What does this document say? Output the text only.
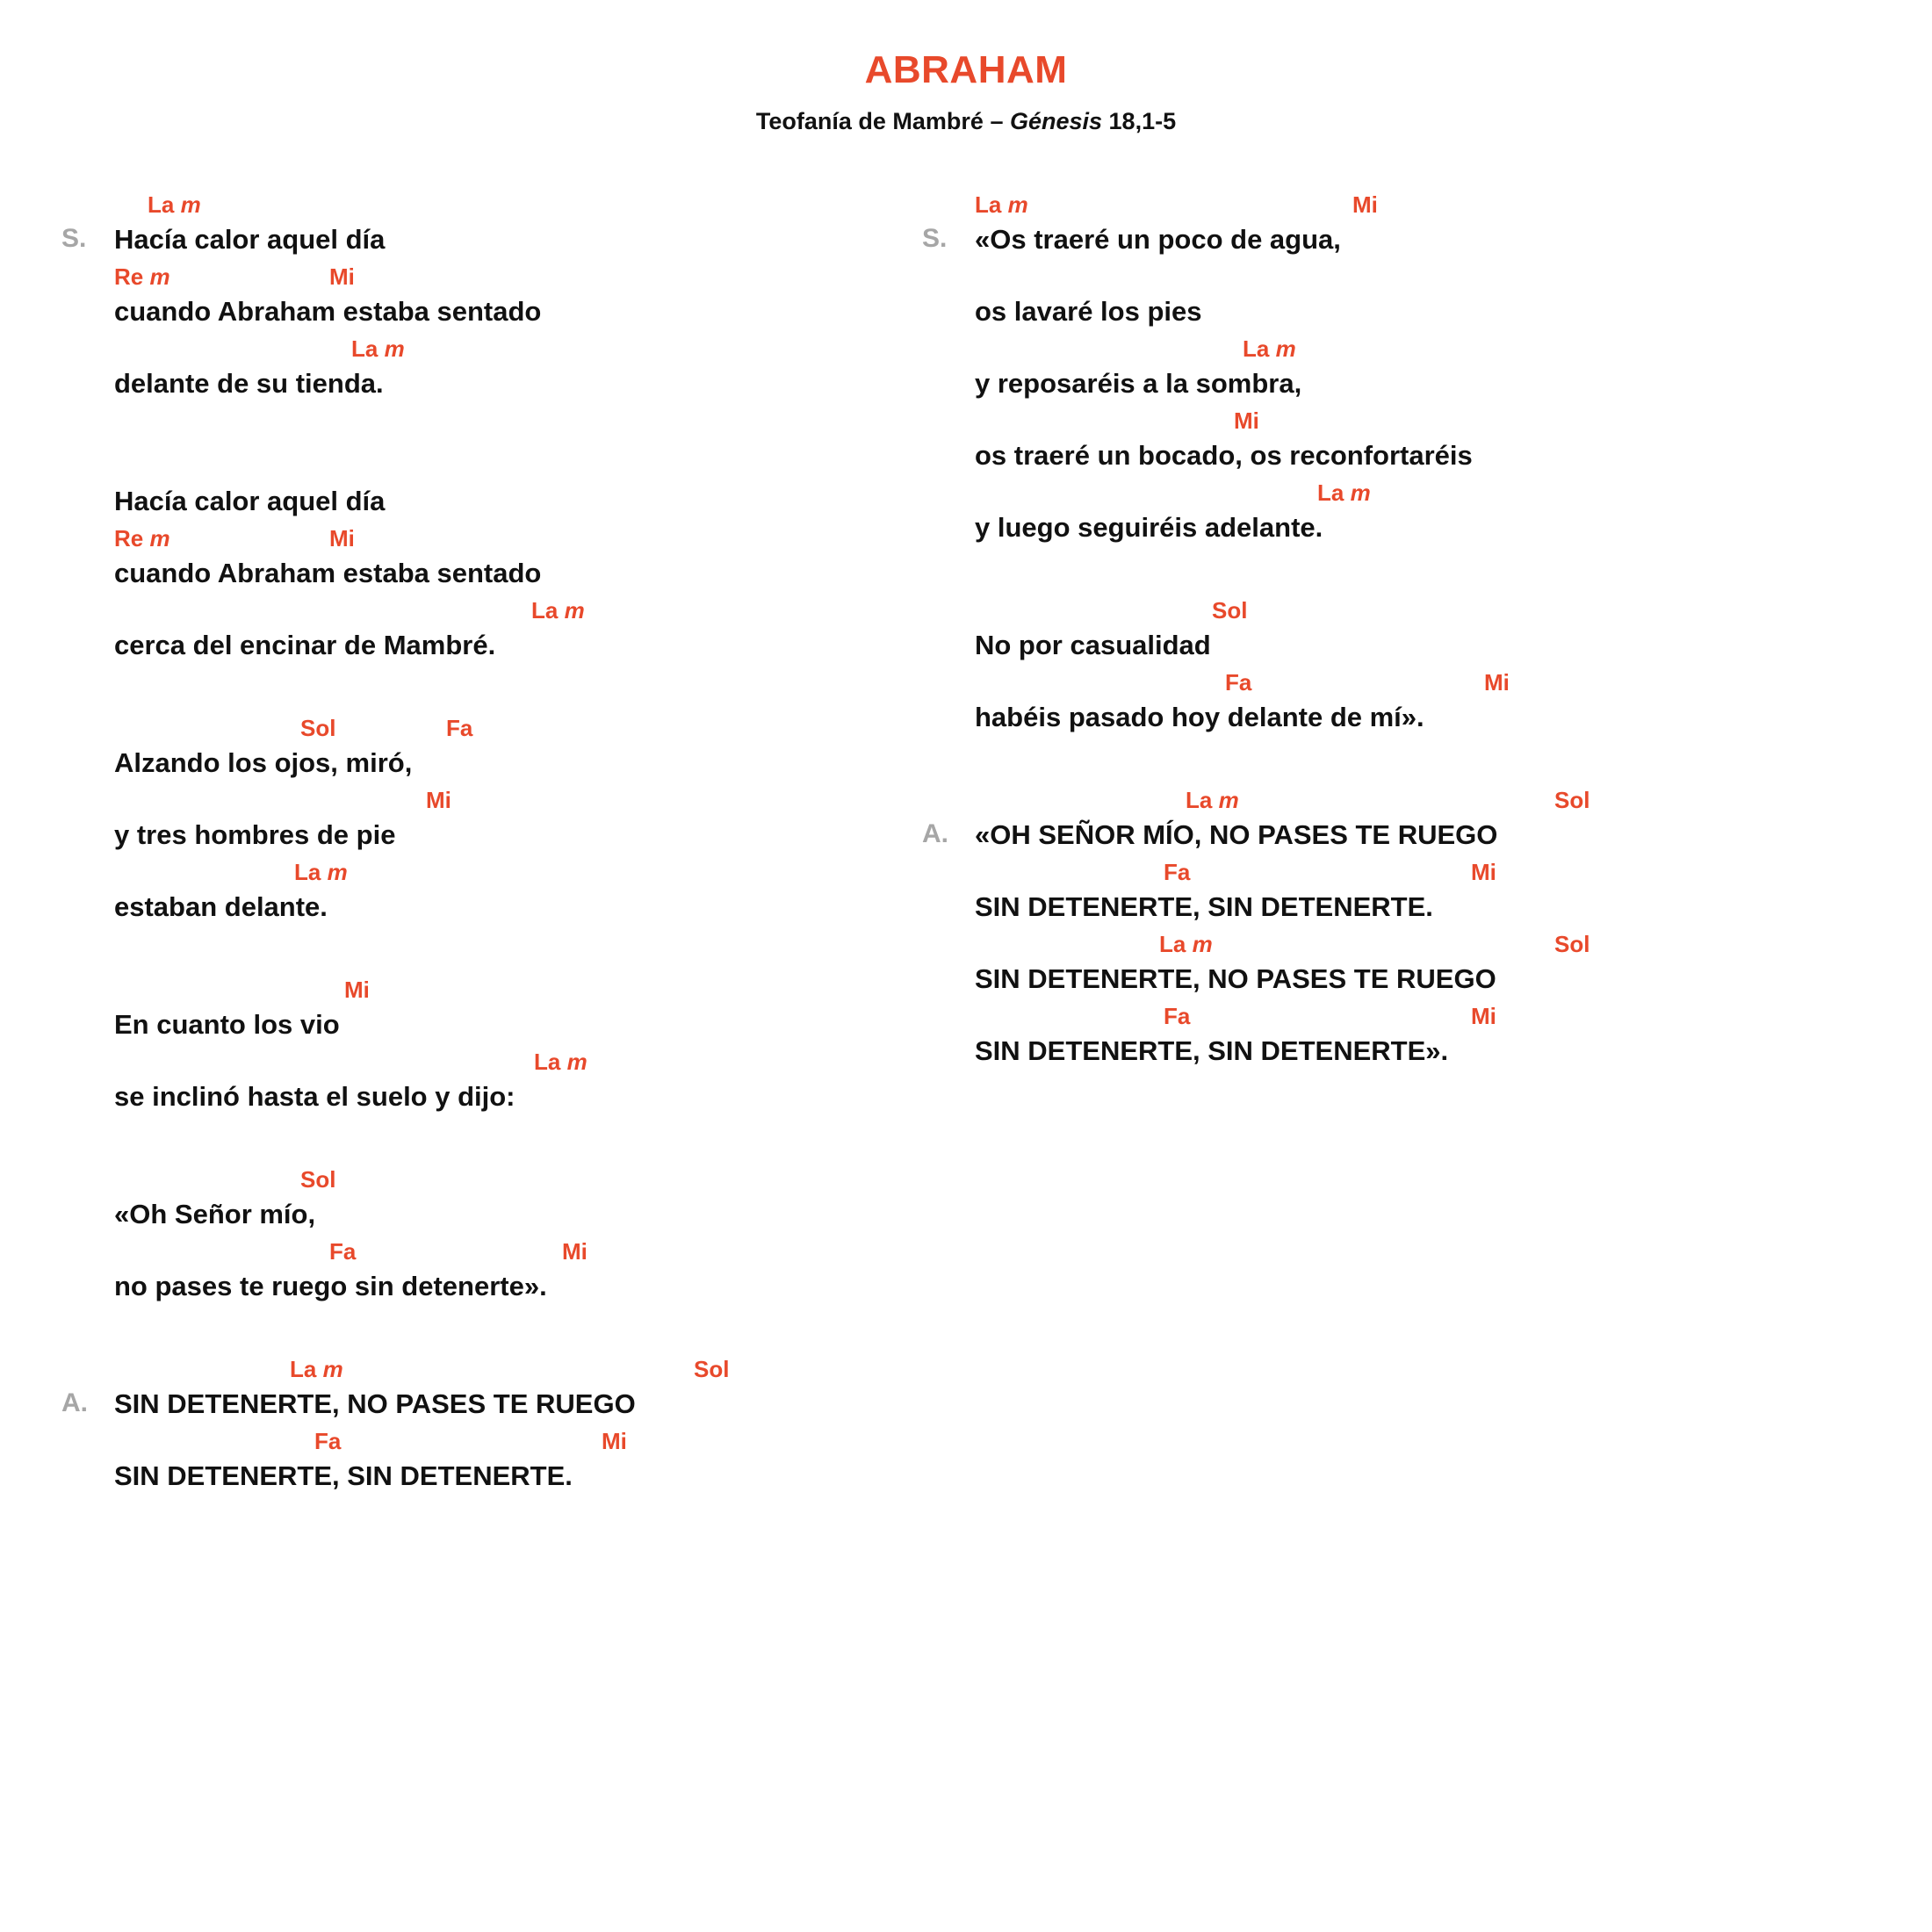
ABRAHAM
Teofanía de Mambré – Génesis 18,1-5
S.
La m
Hacía calor aquel día
Re m	Mi
cuando Abraham estaba sentado
La m
delante de su tienda.
Hacía calor aquel día
Re m	Mi
cuando Abraham estaba sentado
La m
cerca del encinar de Mambré.
Sol	Fa
Alzando los ojos, miró,
Mi
y tres hombres de pie
La m
estaban delante.
Mi
En cuanto los vio
La m
se inclinó hasta el suelo y dijo:
Sol
«Oh Señor mío,
Fa	Mi
no pases te ruego sin detenerte».
A.
La m	Sol
SIN DETENERTE, NO PASES TE RUEGO
Fa	Mi
SIN DETENERTE, SIN DETENERTE.
S.
La m	Mi
«Os traeré un poco de agua,
os lavaré los pies
La m
y reposaréis a la sombra,
Mi
os traeré un bocado, os reconfortaréis
La m
y luego seguiréis adelante.
Sol
No por casualidad
Fa	Mi
habéis pasado hoy delante de mí».
A.
La m	Sol
«OH SEÑOR MÍO, NO PASES TE RUEGO
Fa	Mi
SIN DETENERTE, SIN DETENERTE.
La m	Sol
SIN DETENERTE, NO PASES TE RUEGO
Fa	Mi
SIN DETENERTE, SIN DETENERTE».
